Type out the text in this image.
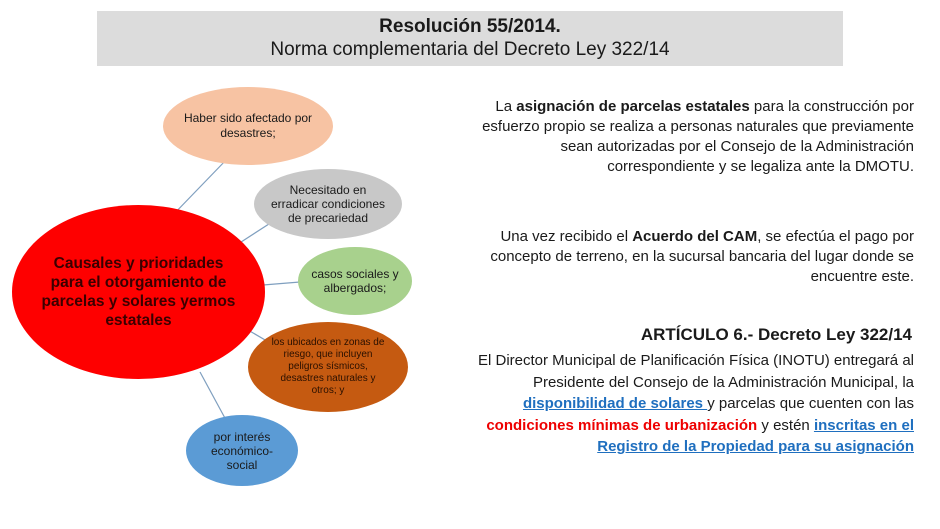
Resolución 55/2014.
Norma complementaria del Decreto Ley 322/14
Causales y prioridades para el otorgamiento de parcelas y solares yermos estatales
Haber sido afectado por desastres;
Necesitado en erradicar condiciones de precariedad
casos sociales y albergados;
los ubicados en zonas de riesgo, que incluyen peligros sísmicos, desastres naturales y otros; y
por interés económico-social
La asignación de parcelas estatales para la construcción por esfuerzo propio se realiza a personas naturales que previamente sean autorizadas por el Consejo de la Administración correspondiente y se legaliza ante la DMOTU.
Una vez recibido el Acuerdo del CAM, se efectúa el pago por concepto de terreno, en la sucursal bancaria del lugar donde se encuentre este.
ARTÍCULO 6.- Decreto Ley 322/14
El Director Municipal de Planificación Física (INOTU) entregará al Presidente del Consejo de la Administración Municipal, la disponibilidad de solares y parcelas que cuenten con las condiciones mínimas de urbanización y estén inscritas en el Registro de la Propiedad para su asignación
